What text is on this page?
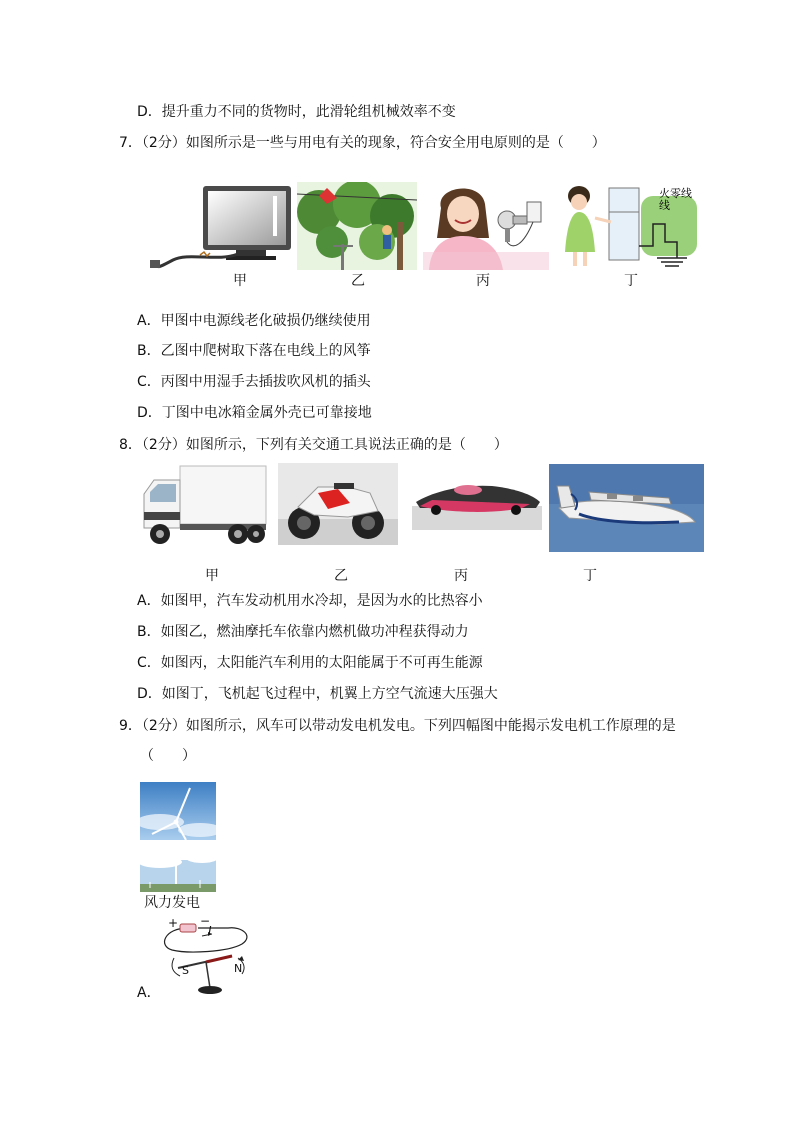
D．提升重力不同的货物时，此滑轮组机械效率不变
7．（2分）如图所示是一些与用电有关的现象，符合安全用电原则的是（　　）
甲	乙	丙
火零线线
丁
A．甲图中电源线老化破损仍继续使用
B．乙图中爬树取下落在电线上的风筝
C．丙图中用湿手去插拔吹风机的插头
D．丁图中电冰箱金属外壳已可靠接地
8．（2分）如图所示，下列有关交通工具说法正确的是（　　）
甲	乙	丙	丁
A．如图甲，汽车发动机用水冷却，是因为水的比热容小
B．如图乙，燃油摩托车依靠内燃机做功冲程获得动力
C．如图丙，太阳能汽车利用的太阳能属于不可再生能源
D．如图丁，飞机起飞过程中，机翼上方空气流速大压强大
9．（2分）如图所示，风车可以带动发电机发电。下列四幅图中能揭示发电机工作原理的是
（　　）
风力发电
+ −
I
S	N
A．
